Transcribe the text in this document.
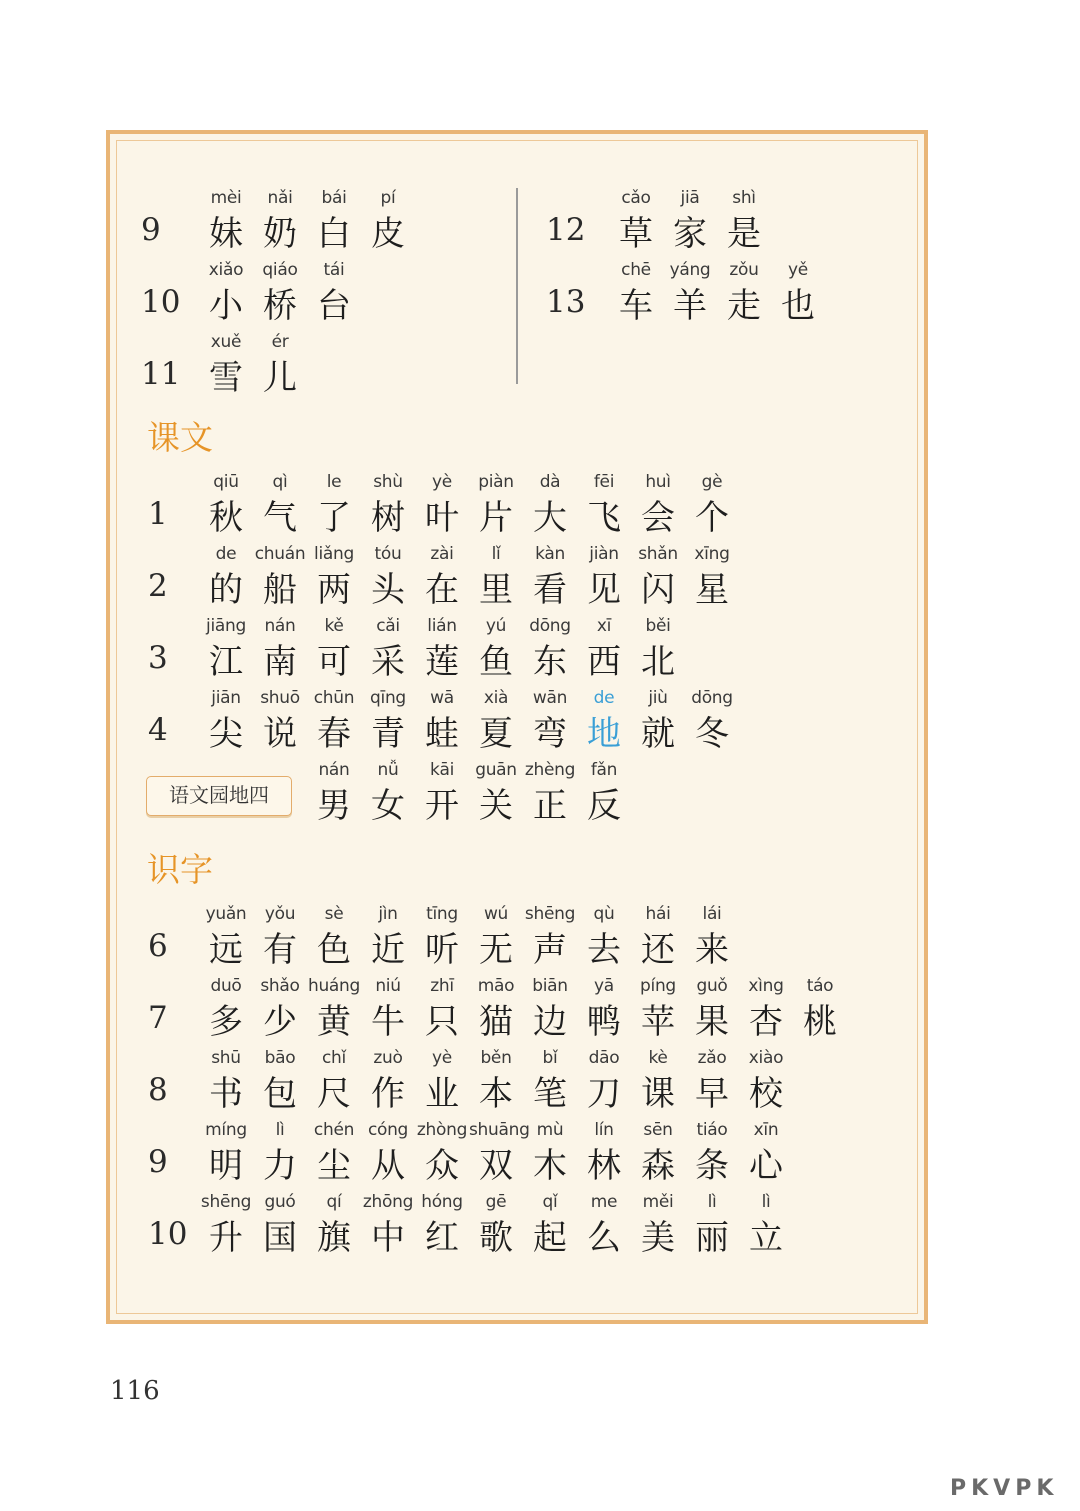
课文
识字
语文园地四
9
mèi
妹
nǎi
奶
bái
白
pí
皮
10
xiǎo
小
qiáo
桥
tái
台
11
xuě
雪
ér
儿
12
cǎo
草
jiā
家
shì
是
13
chē
车
yáng
羊
zǒu
走
yě
也
1
qiū
秋
qì
气
le
了
shù
树
yè
叶
piàn
片
dà
大
fēi
飞
huì
会
gè
个
2
de
的
chuán
船
liǎng
两
tóu
头
zài
在
lǐ
里
kàn
看
jiàn
见
shǎn
闪
xīng
星
3
jiāng
江
nán
南
kě
可
cǎi
采
lián
莲
yú
鱼
dōng
东
xī
西
běi
北
4
jiān
尖
shuō
说
chūn
春
qīng
青
wā
蛙
xià
夏
wān
弯
de
地
jiù
就
dōng
冬
nán
男
nǚ
女
kāi
开
guān
关
zhèng
正
fǎn
反
6
yuǎn
远
yǒu
有
sè
色
jìn
近
tīng
听
wú
无
shēng
声
qù
去
hái
还
lái
来
7
duō
多
shǎo
少
huáng
黄
niú
牛
zhī
只
māo
猫
biān
边
yā
鸭
píng
苹
guǒ
果
xìng
杏
táo
桃
8
shū
书
bāo
包
chǐ
尺
zuò
作
yè
业
běn
本
bǐ
笔
dāo
刀
kè
课
zǎo
早
xiào
校
9
míng
明
lì
力
chén
尘
cóng
从
zhòng
众
shuāng
双
mù
木
lín
林
sēn
森
tiáo
条
xīn
心
10
shēng
升
guó
国
qí
旗
zhōng
中
hóng
红
gē
歌
qǐ
起
me
么
měi
美
lì
丽
lì
立
116
PKVPK
